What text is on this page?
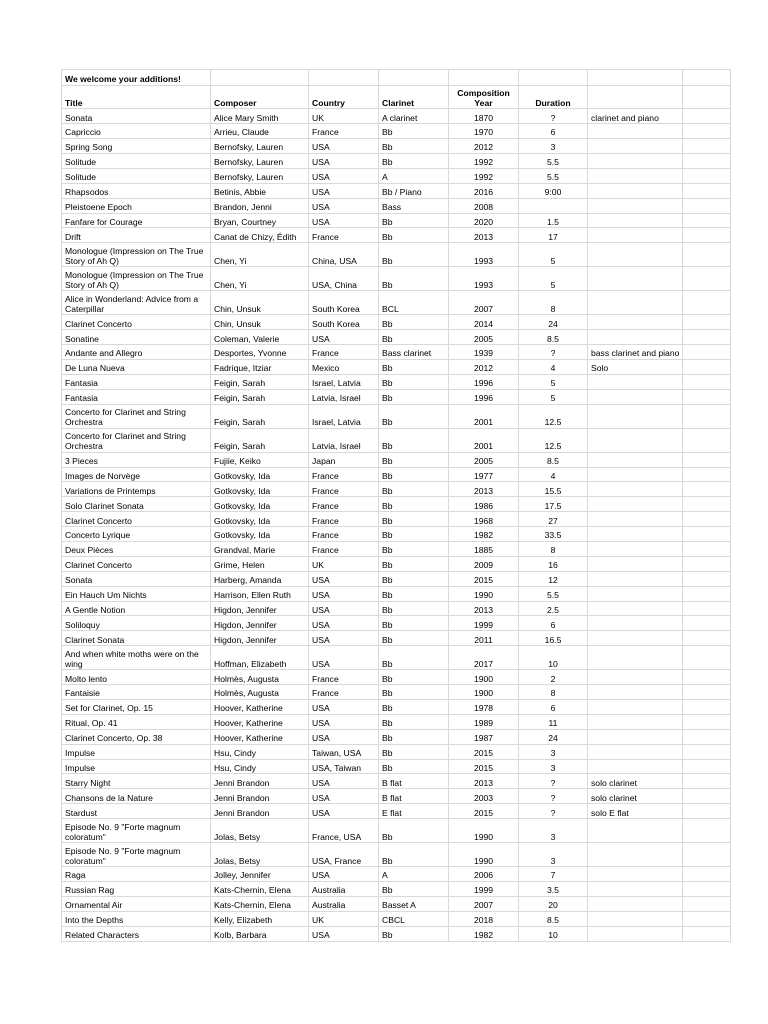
We welcome your additions!							
Title	Composer	Country	Clarinet	Composition Year	Duration		
Sonata	Alice Mary Smith	UK	A clarinet	1870	?	clarinet and piano	
Capriccio	Arrieu, Claude	France	Bb	1970	6		
Spring Song	Bernofsky, Lauren	USA	Bb	2012	3		
Solitude	Bernofsky, Lauren	USA	Bb	1992	5.5		
Solitude	Bernofsky, Lauren	USA	A	1992	5.5		
Rhapsodos	Betinis, Abbie	USA	Bb / Piano	2016	9:00		
Pleistoene Epoch	Brandon, Jenni	USA	Bass	2008			
Fanfare for Courage	Bryan, Courtney	USA	Bb	2020	1.5		
Drift	Canat de Chizy, Édith	France	Bb	2013	17		
Monologue (Impression on The True Story of Ah Q)	Chen, Yi	China, USA	Bb	1993	5		
Monologue (Impression on The True Story of Ah Q)	Chen, Yi	USA, China	Bb	1993	5		
Alice in Wonderland: Advice from a Caterpillar	Chin, Unsuk	South Korea	BCL	2007	8		
Clarinet Concerto	Chin, Unsuk	South Korea	Bb	2014	24		
Sonatine	Coleman, Valerie	USA	Bb	2005	8.5		
Andante and Allegro	Desportes, Yvonne	France	Bass clarinet	1939	?	bass clarinet and piano	
De Luna Nueva	Fadrique, Itziar	Mexico	Bb	2012	4	Solo	
Fantasia	Feigin, Sarah	Israel, Latvia	Bb	1996	5		
Fantasia	Feigin, Sarah	Latvia, Israel	Bb	1996	5		
Concerto for Clarinet and String Orchestra	Feigin, Sarah	Israel, Latvia	Bb	2001	12.5		
Concerto for Clarinet and String Orchestra	Feigin, Sarah	Latvia, Israel	Bb	2001	12.5		
3 Pieces	Fujiie, Keiko	Japan	Bb	2005	8.5		
Images de Norvège	Gotkovsky, Ida	France	Bb	1977	4		
Variations de Printemps	Gotkovsky, Ida	France	Bb	2013	15.5		
Solo Clarinet Sonata	Gotkovsky, Ida	France	Bb	1986	17.5		
Clarinet Concerto	Gotkovsky, Ida	France	Bb	1968	27		
Concerto Lyrique	Gotkovsky, Ida	France	Bb	1982	33.5		
Deux Pièces	Grandval, Marie	France	Bb	1885	8		
Clarinet Concerto	Grime, Helen	UK	Bb	2009	16		
Sonata	Harberg, Amanda	USA	Bb	2015	12		
Ein Hauch Um Nichts	Harrison, Ellen Ruth	USA	Bb	1990	5.5		
A Gentle Notion	Higdon, Jennifer	USA	Bb	2013	2.5		
Soliloquy	Higdon, Jennifer	USA	Bb	1999	6		
Clarinet Sonata	Higdon, Jennifer	USA	Bb	2011	16.5		
And when white moths were on the wing	Hoffman, Elizabeth	USA	Bb	2017	10		
Molto lento	Holmès, Augusta	France	Bb	1900	2		
Fantaisie	Holmès, Augusta	France	Bb	1900	8		
Set for Clarinet, Op. 15	Hoover, Katherine	USA	Bb	1978	6		
Ritual, Op. 41	Hoover, Katherine	USA	Bb	1989	11		
Clarinet Concerto, Op. 38	Hoover, Katherine	USA	Bb	1987	24		
Impulse	Hsu, Cindy	Taiwan, USA	Bb	2015	3		
Impulse	Hsu, Cindy	USA, Taiwan	Bb	2015	3		
Starry Night	Jenni Brandon	USA	B flat	2013	?	solo clarinet	
Chansons de la Nature	Jenni Brandon	USA	B flat	2003	?	solo clarinet	
Stardust	Jenni Brandon	USA	E flat	2015	?	solo E flat	
Episode No. 9 "Forte magnum coloratum"	Jolas, Betsy	France, USA	Bb	1990	3		
Episode No. 9 "Forte magnum coloratum"	Jolas, Betsy	USA, France	Bb	1990	3		
Raga	Jolley, Jennifer	USA	A	2006	7		
Russian Rag	Kats-Chernin, Elena	Australia	Bb	1999	3.5		
Ornamental Air	Kats-Chernin, Elena	Australia	Basset A	2007	20		
Into the Depths	Kelly, Elizabeth	UK	CBCL	2018	8.5		
Related Characters	Kolb, Barbara	USA	Bb	1982	10		
